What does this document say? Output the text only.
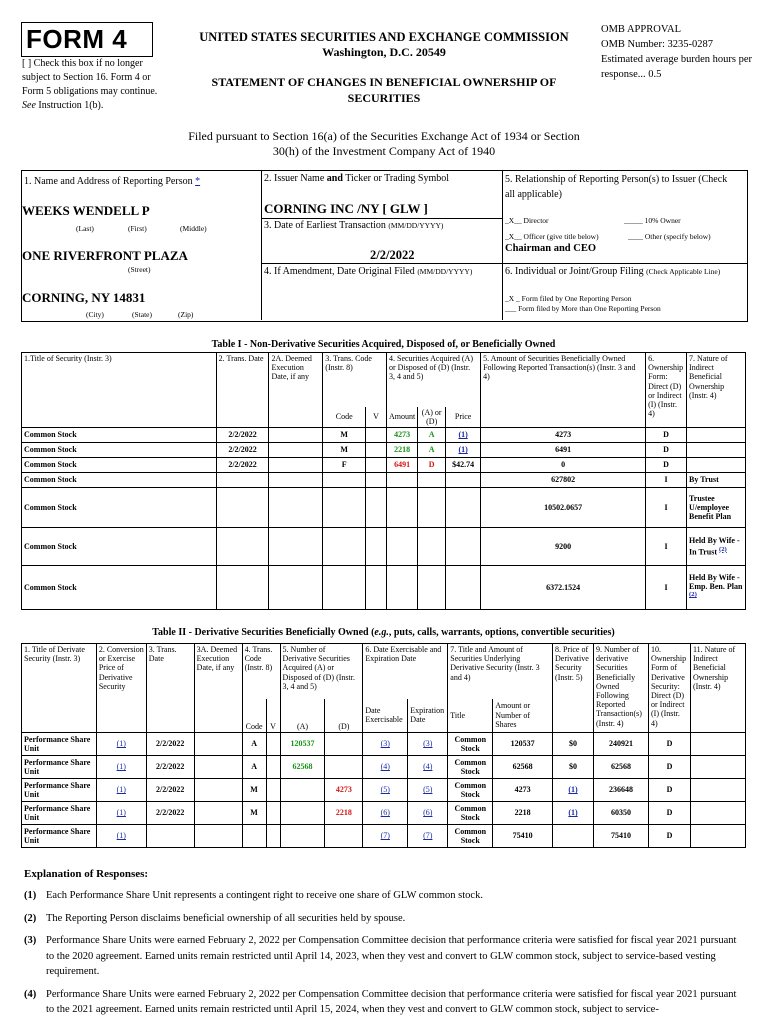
FORM 4
[ ] Check this box if no longer subject to Section 16. Form 4 or Form 5 obligations may continue. See Instruction 1(b).
UNITED STATES SECURITIES AND EXCHANGE COMMISSION
Washington, D.C. 20549
STATEMENT OF CHANGES IN BENEFICIAL OWNERSHIP OF SECURITIES
OMB APPROVAL
OMB Number: 3235-0287
Estimated average burden hours per response... 0.5
Filed pursuant to Section 16(a) of the Securities Exchange Act of 1934 or Section 30(h) of the Investment Company Act of 1940
1. Name and Address of Reporting Person *
WEEKS WENDELL P
(Last)	(First)	(Middle)
ONE RIVERFRONT PLAZA
(Street)
CORNING, NY 14831
(City)	(State)	(Zip)
2. Issuer Name and Ticker or Trading Symbol
CORNING INC /NY [ GLW ]
3. Date of Earliest Transaction (MM/DD/YYYY)
2/2/2022
4. If Amendment, Date Original Filed (MM/DD/YYYY)
5. Relationship of Reporting Person(s) to Issuer (Check all applicable)
_X__ Director	_____ 10% Owner
_X__ Officer (give title below)	____ Other (specify below)
Chairman and CEO
6. Individual or Joint/Group Filing (Check Applicable Line)
_X _ Form filed by One Reporting Person
___ Form filed by More than One Reporting Person
Table I - Non-Derivative Securities Acquired, Disposed of, or Beneficially Owned
1.Title of Security (Instr. 3)	2. Trans. Date	2A. Deemed Execution Date, if any	3. Trans. Code (Instr. 8)		4. Securities Acquired (A) or Disposed of (D) (Instr. 3, 4 and 5)			5. Amount of Securities Beneficially Owned Following Reported Transaction(s) (Instr. 3 and 4)	6. Ownership Form: Direct (D) or Indirect (I) (Instr. 4)	7. Nature of Indirect Beneficial Ownership (Instr. 4)
			Code	V	Amount	(A) or (D)	Price			
Common Stock	2/2/2022		M		4273	A	(1)	4273	D	
Common Stock	2/2/2022		M		2218	A	(1)	6491	D	
Common Stock	2/2/2022		F		6491	D	$42.74	0	D	
Common Stock								627802	I	By Trust
Common Stock								10502.0657	I	Trustee U/employee Benefit Plan
Common Stock								9200	I	Held By Wife - In Trust $^{(2)}$
Common Stock								6372.1524	I	Held By Wife - Emp. Ben. Plan $^{(2)}$
Table II - Derivative Securities Beneficially Owned (e.g., puts, calls, warrants, options, convertible securities)
1. Title of Derivate Security (Instr. 3)	2. Conversion or Exercise Price of Derivative Security	3. Trans. Date	3A. Deemed Execution Date, if any	4. Trans. Code (Instr. 8)		5. Number of Derivative Securities Acquired (A) or Disposed of (D) (Instr. 3, 4 and 5)		6. Date Exercisable and Expiration Date		7. Title and Amount of Securities Underlying Derivative Security (Instr. 3 and 4)		8. Price of Derivative Security (Instr. 5)	9. Number of derivative Securities Beneficially Owned Following Reported Transaction(s) (Instr. 4)	10. Ownership Form of Derivative Security: Direct (D) or Indirect (I) (Instr. 4)	11. Nature of Indirect Beneficial Ownership (Instr. 4)
				Code	V	(A)	(D)	Date Exercisable	Expiration Date	Title	Amount or Number of Shares				
Performance Share Unit	(1)	2/2/2022		A		120537		(3)	(3)	Common Stock	120537	$0	240921	D	
Performance Share Unit	(1)	2/2/2022		A		62568		(4)	(4)	Common Stock	62568	$0	62568	D	
Performance Share Unit	(1)	2/2/2022		M			4273	(5)	(5)	Common Stock	4273	(1)	236648	D	
Performance Share Unit	(1)	2/2/2022		M			2218	(6)	(6)	Common Stock	2218	(1)	60350	D	
Performance Share Unit	(1)							(7)	(7)	Common Stock	75410		75410	D	
Explanation of Responses:
(1) Each Performance Share Unit represents a contingent right to receive one share of GLW common stock.
(2) The Reporting Person disclaims beneficial ownership of all securities held by spouse.
(3) Performance Share Units were earned February 2, 2022 per Compensation Committee decision that performance criteria were satisfied for fiscal year 2021 pursuant to the 2020 agreement. Earned units remain restricted until April 14, 2023, when they vest and convert to GLW common stock, subject to service-based vesting requirement.
(4) Performance Share Units were earned February 2, 2022 per Compensation Committee decision that performance criteria were satisfied for fiscal year 2021 pursuant to the 2021 agreement. Earned units remain restricted until April 15, 2024, when they vest and convert to GLW common stock, subject to service-
